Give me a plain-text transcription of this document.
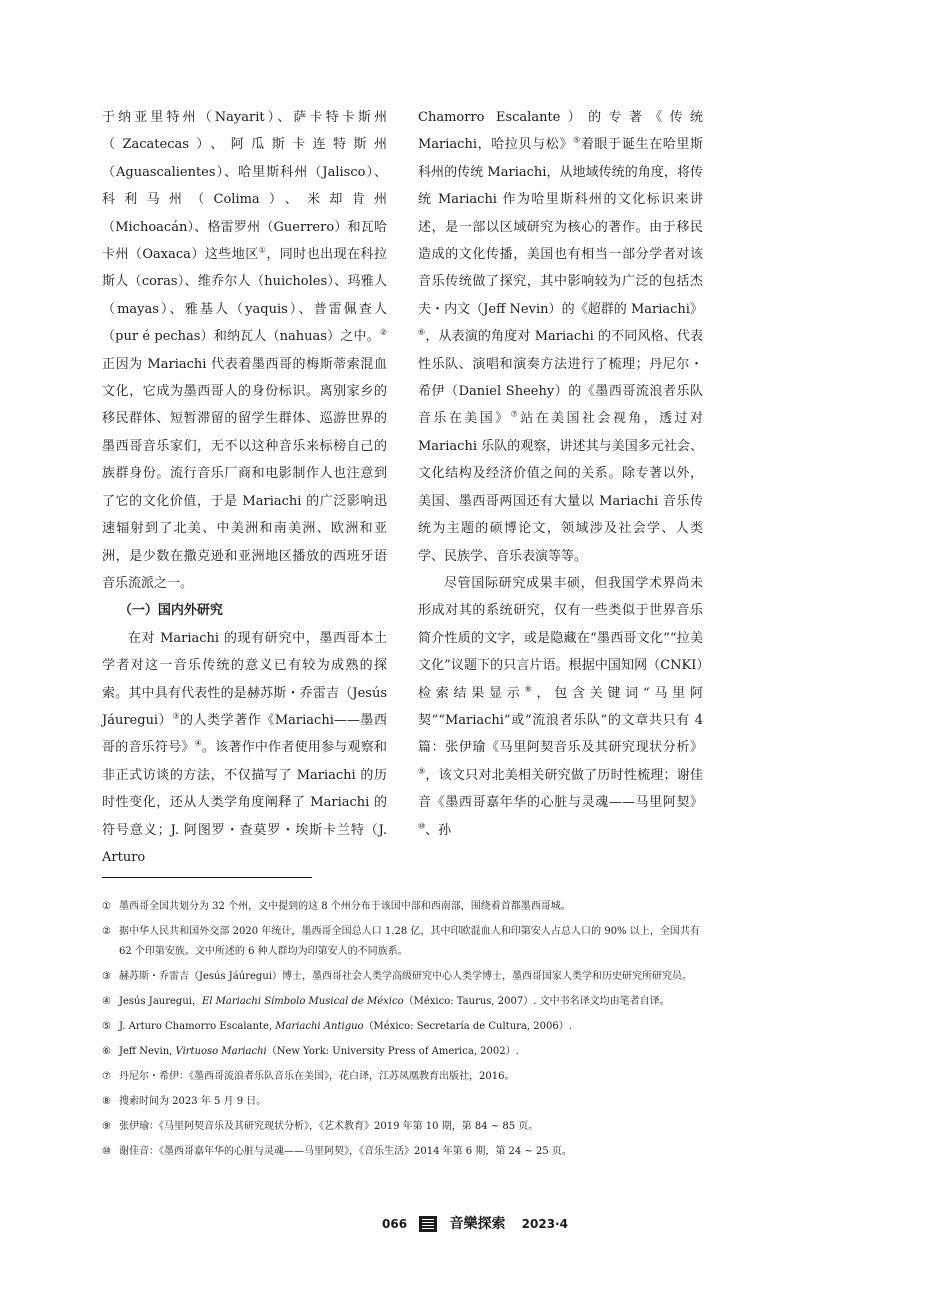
于纳亚里特州（Nayarit）、萨卡特卡斯州（Zacatecas）、阿瓜斯卡连特斯州（Aguascalientes）、哈里斯科州（Jalisco）、科利马州（Colima）、米却肯州（Michoacán）、格雷罗州（Guerrero）和瓦哈卡州（Oaxaca）这些地区①，同时也出现在科拉斯人（coras）、维乔尔人（huicholes）、玛雅人（mayas）、雅基人（yaquis）、普雷佩查人（pur é pechas）和纳瓦人（nahuas）之中。②正因为 Mariachi 代表着墨西哥的梅斯蒂索混血文化，它成为墨西哥人的身份标识。离别家乡的移民群体、短暂滞留的留学生群体、巡游世界的墨西哥音乐家们，无不以这种音乐来标榜自己的族群身份。流行音乐厂商和电影制作人也注意到了它的文化价值，于是 Mariachi 的广泛影响迅速辐射到了北美、中美洲和南美洲、欧洲和亚洲，是少数在撒克逊和亚洲地区播放的西班牙语音乐流派之一。

（一）国内外研究

在对 Mariachi 的现有研究中，墨西哥本土学者对这一音乐传统的意义已有较为成熟的探索。其中具有代表性的是赫苏斯・乔雷吉（Jesús Jáuregui）③的人类学著作《Mariachi——墨西哥的音乐符号》④。该著作中作者使用参与观察和非正式访谈的方法，不仅描写了 Mariachi 的历时性变化，还从人类学角度阐释了 Mariachi 的符号意义；J. 阿图罗・查莫罗・埃斯卡兰特（J. Arturo

Chamorro Escalante）的专著《传统 Mariachi，哈拉贝与松》⑤着眼于诞生在哈里斯科州的传统 Mariachi，从地域传统的角度，将传统 Mariachi 作为哈里斯科州的文化标识来讲述，是一部以区域研究为核心的著作。由于移民造成的文化传播，美国也有相当一部分学者对该音乐传统做了探究，其中影响较为广泛的包括杰夫・内文（Jeff Nevin）的《超群的 Mariachi》⑥，从表演的角度对 Mariachi 的不同风格、代表性乐队、演唱和演奏方法进行了梳理；丹尼尔・希伊（Daniel Sheehy）的《墨西哥流浪者乐队音乐在美国》⑦站在美国社会视角，透过对 Mariachi 乐队的观察，讲述其与美国多元社会、文化结构及经济价值之间的关系。除专著以外，美国、墨西哥两国还有大量以 Mariachi 音乐传统为主题的硕博论文，领域涉及社会学、人类学、民族学、音乐表演等等。

尽管国际研究成果丰硕，但我国学术界尚未形成对其的系统研究，仅有一些类似于世界音乐简介性质的文字，或是隐藏在“墨西哥文化”“拉美文化”议题下的只言片语。根据中国知网（CNKI）检索结果显示⑧，包含关键词“马里阿契”“Mariachi”或“流浪者乐队”的文章共只有 4 篇：张伊瑜《马里阿契音乐及其研究现状分析》⑨，该文只对北美相关研究做了历时性梳理；谢佳音《墨西哥嘉年华的心脏与灵魂——马里阿契》⑩、孙

① 墨西哥全国共划分为 32 个州，文中提到的这 8 个州分布于该国中部和西南部，围绕着首都墨西哥城。
② 据中华人民共和国外交部 2020 年统计，墨西哥全国总人口 1.28 亿，其中印欧混血人和印第安人占总人口的 90% 以上，全国共有 62 个印第安族。文中所述的 6 种人群均为印第安人的不同族系。
③ 赫苏斯・乔雷吉（Jesús Jáúregui）博士，墨西哥社会人类学高级研究中心人类学博士，墨西哥国家人类学和历史研究所研究员。
④ Jesús Jauregui，El Mariachi Símbolo Musical de México（México: Taurus, 2007）. 文中书名译文均由笔者自译。
⑤ J. Arturo Chamorro Escalante, Mariachi Antiguo（México: Secretaría de Cultura, 2006）.
⑥ Jeff Nevin, Virtuoso Mariachi（New York: University Press of America, 2002）.
⑦ 丹尼尔・希伊：《墨西哥流浪者乐队音乐在美国》，花白译，江苏凤凰教育出版社，2016。
⑧ 搜索时间为 2023 年 5 月 9 日。
⑨ 张伊瑜：《马里阿契音乐及其研究现状分析》，《艺术教育》2019 年第 10 期，第 84 ~ 85 页。
⑩ 谢佳音：《墨西哥嘉年华的心脏与灵魂——马里阿契》，《音乐生活》2014 年第 6 期，第 24 ~ 25 页。
066	音樂探索 2023·4
